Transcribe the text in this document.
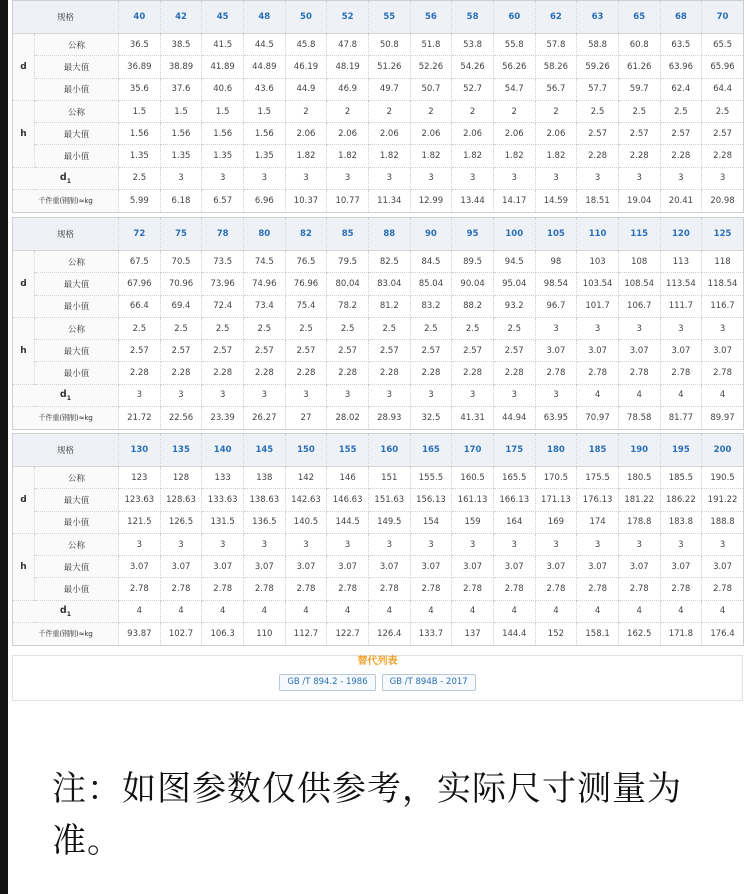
规格		40	42	45	48	50	52	55	56	58	60	62	63	65	68	70
d	公称	36.5	38.5	41.5	44.5	45.8	47.8	50.8	51.8	53.8	55.8	57.8	58.8	60.8	63.5	65.5
	最大值	36.89	38.89	41.89	44.89	46.19	48.19	51.26	52.26	54.26	56.26	58.26	59.26	61.26	63.96	65.96
	最小值	35.6	37.6	40.6	43.6	44.9	46.9	49.7	50.7	52.7	54.7	56.7	57.7	59.7	62.4	64.4
h	公称	1.5	1.5	1.5	1.5	2	2	2	2	2	2	2	2.5	2.5	2.5	2.5
	最大值	1.56	1.56	1.56	1.56	2.06	2.06	2.06	2.06	2.06	2.06	2.06	2.57	2.57	2.57	2.57
	最小值	1.35	1.35	1.35	1.35	1.82	1.82	1.82	1.82	1.82	1.82	1.82	2.28	2.28	2.28	2.28
$d_1$		2.5	3	3	3	3	3	3	3	3	3	3	3	3	3	3
千件重(钢制)≈kg		5.99	6.18	6.57	6.96	10.37	10.77	11.34	12.99	13.44	14.17	14.59	18.51	19.04	20.41	20.98
规格		72	75	78	80	82	85	88	90	95	100	105	110	115	120	125
d	公称	67.5	70.5	73.5	74.5	76.5	79.5	82.5	84.5	89.5	94.5	98	103	108	113	118
	最大值	67.96	70.96	73.96	74.96	76.96	80.04	83.04	85.04	90.04	95.04	98.54	103.54	108.54	113.54	118.54
	最小值	66.4	69.4	72.4	73.4	75.4	78.2	81.2	83.2	88.2	93.2	96.7	101.7	106.7	111.7	116.7
h	公称	2.5	2.5	2.5	2.5	2.5	2.5	2.5	2.5	2.5	2.5	3	3	3	3	3
	最大值	2.57	2.57	2.57	2.57	2.57	2.57	2.57	2.57	2.57	2.57	3.07	3.07	3.07	3.07	3.07
	最小值	2.28	2.28	2.28	2.28	2.28	2.28	2.28	2.28	2.28	2.28	2.78	2.78	2.78	2.78	2.78
$d_1$		3	3	3	3	3	3	3	3	3	3	3	4	4	4	4
千件重(钢制)≈kg		21.72	22.56	23.39	26.27	27	28.02	28.93	32.5	41.31	44.94	63.95	70.97	78.58	81.77	89.97
规格		130	135	140	145	150	155	160	165	170	175	180	185	190	195	200
d	公称	123	128	133	138	142	146	151	155.5	160.5	165.5	170.5	175.5	180.5	185.5	190.5
	最大值	123.63	128.63	133.63	138.63	142.63	146.63	151.63	156.13	161.13	166.13	171.13	176.13	181.22	186.22	191.22
	最小值	121.5	126.5	131.5	136.5	140.5	144.5	149.5	154	159	164	169	174	178.8	183.8	188.8
h	公称	3	3	3	3	3	3	3	3	3	3	3	3	3	3	3
	最大值	3.07	3.07	3.07	3.07	3.07	3.07	3.07	3.07	3.07	3.07	3.07	3.07	3.07	3.07	3.07
	最小值	2.78	2.78	2.78	2.78	2.78	2.78	2.78	2.78	2.78	2.78	2.78	2.78	2.78	2.78	2.78
$d_1$		4	4	4	4	4	4	4	4	4	4	4	4	4	4	4
千件重(钢制)≈kg		93.87	102.7	106.3	110	112.7	122.7	126.4	133.7	137	144.4	152	158.1	162.5	171.8	176.4
替代列表
GB /T 894.2 - 1986	GB /T 894B - 2017
注：如图参数仅供参考，实际尺寸测量为准。
